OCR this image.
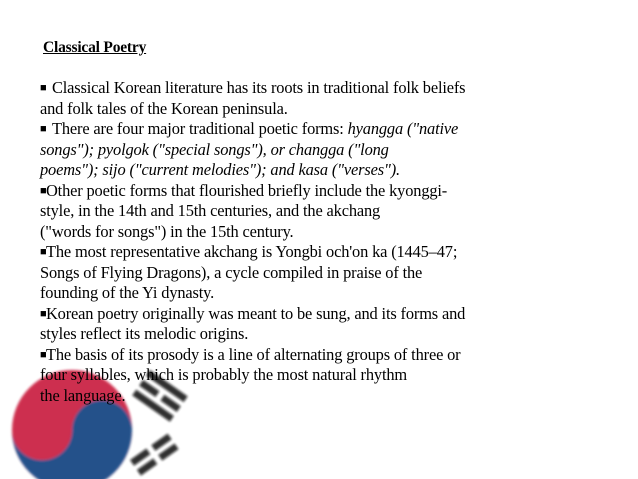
Classical Poetry
■ Classical Korean literature has its roots in traditional folk beliefs
and folk tales of the Korean peninsula.
■ There are four major traditional poetic forms: hyangga ("native
songs"); pyolgok ("special songs"), or changga ("long
poems"); sijo ("current melodies"); and kasa ("verses").
■Other poetic forms that flourished briefly include the kyonggi-
style, in the 14th and 15th centuries, and the akchang
("words for songs") in the 15th century.
■The most representative akchang is Yongbi och'on ka (1445–47;
Songs of Flying Dragons), a cycle compiled in praise of the
founding of the Yi dynasty.
■Korean poetry originally was meant to be sung, and its forms and
styles reflect its melodic origins.
■The basis of its prosody is a line of alternating groups of three or
four syllables, which is probably the most natural rhythm
the language.
